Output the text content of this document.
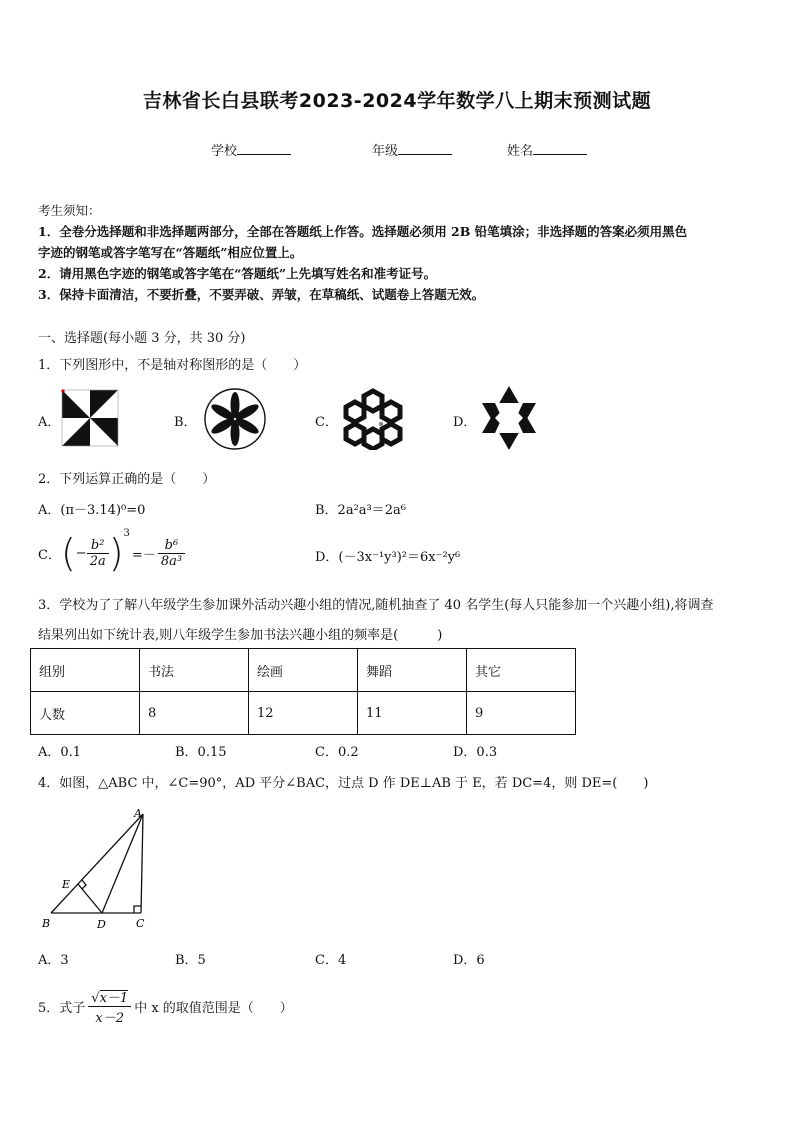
吉林省长白县联考2023-2024学年数学八上期末预测试题
学校	年级	姓名
考生须知：
1．全卷分选择题和非选择题两部分，全部在答题纸上作答。选择题必须用 2B 铅笔填涂；非选择题的答案必须用黑色
字迹的钢笔或答字笔写在“答题纸”相应位置上。
2．请用黑色字迹的钢笔或答字笔在“答题纸”上先填写姓名和准考证号。
3．保持卡面清洁，不要折叠，不要弄破、弄皱，在草稿纸、试题卷上答题无效。
一、选择题(每小题 3 分，共 30 分)
1．下列图形中，不是轴对称图形的是（　　）
A．	B．	C．	D．
2．下列运算正确的是（　　）
A．(π－3.14)⁰=0	B．2a²a³＝2a⁶
C． ( − $\frac{\text{b²}}{2a} )^3$
=－ $\frac{\text{b⁶}}{\text{8a³}}$	D．(－3x⁻¹y³)²＝6x⁻²y⁶
3．学校为了了解八年级学生参加课外活动兴趣小组的情况,随机抽查了 40 名学生(每人只能参加一个兴趣小组),将调查
结果列出如下统计表,则八年级学生参加书法兴趣小组的频率是(　　　)
组别	书法	绘画	舞蹈	其它
人数	8	12	11	9
A．0.1	B．0.15	C．0.2	D．0.3
4．如图，△ABC 中，∠C=90°，AD 平分∠BAC，过点 D 作 DE⊥AB 于 E，若 DC=4，则 DE=(　　)
A
B	C
D
E
A．3	B．5	C．4	D．6
5．式子 $\frac{√x-1}{x-2}$ 中 x 的取值范围是（　　）
